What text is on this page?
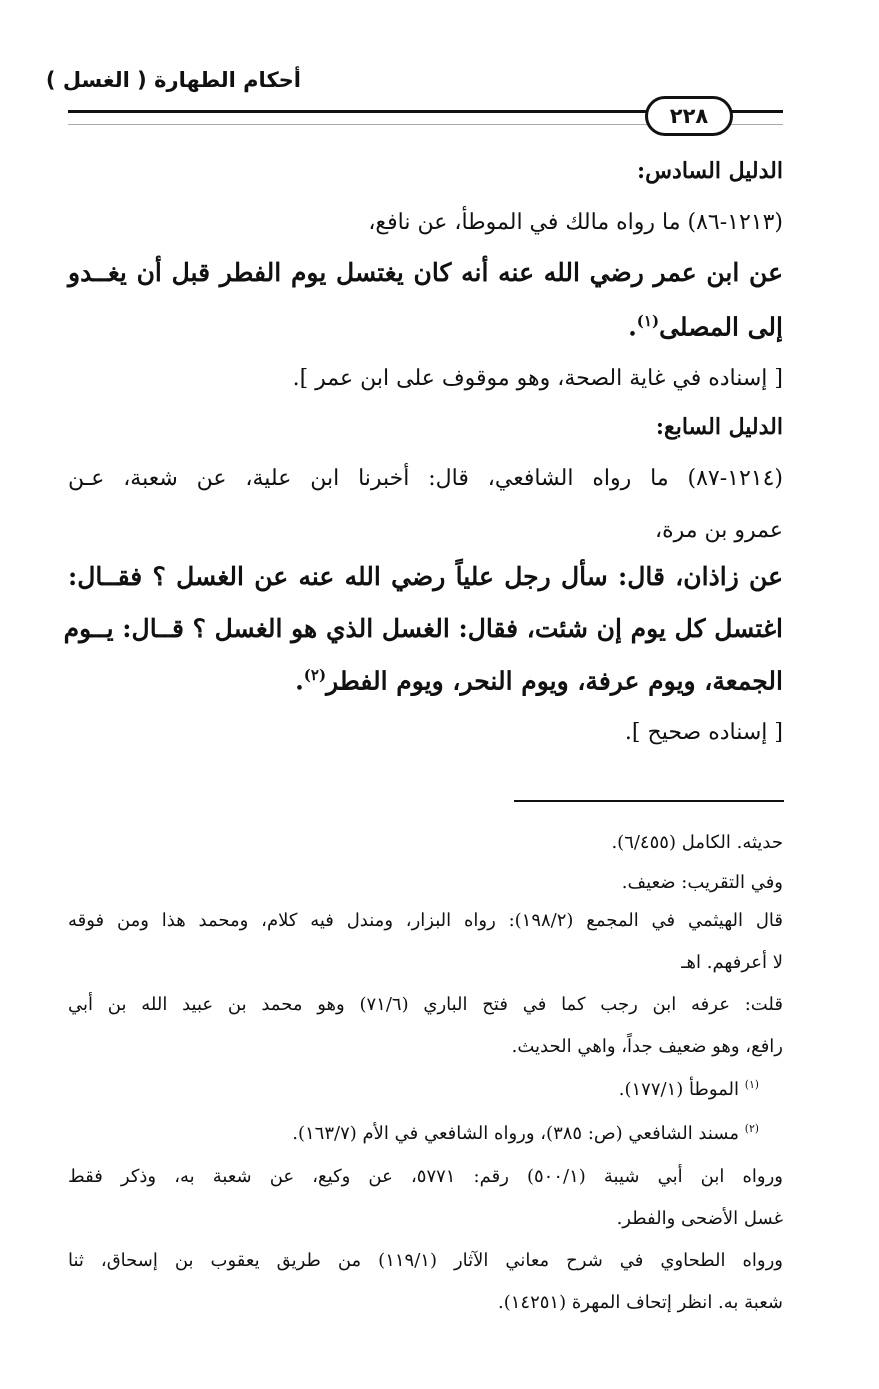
أحكام الطهارة ( الغسل )
٢٢٨
الدليل السادس:
(١٢١٣-٨٦) ما رواه مالك في الموطأ، عن نافع،
عن ابن عمر رضي الله عنه أنه كان يغتسل يوم الفطر قبل أن يغــدو
إلى المصلى$^{(١)}$.
[ إسناده في غاية الصحة، وهو موقوف على ابن عمر ].
الدليل السابع:
(١٢١٤-٨٧) ما رواه الشافعي، قال: أخبرنا ابن علية، عن شعبة، عـن
عمرو بن مرة،
عن زاذان، قال: سأل رجل علياً رضي الله عنه عن الغسل ؟ فقــال:
اغتسل كل يوم إن شئت، فقال: الغسل الذي هو الغسل ؟ قــال: يــوم
الجمعة، ويوم عرفة، ويوم النحر، ويوم الفطر$^{(٢)}$.
[ إسناده صحيح ].
حديثه. الكامل (٦/٤٥٥).
وفي التقريب: ضعيف.
قال الهيثمي في المجمع (١٩٨/٢): رواه البزار، ومندل فيه كلام، ومحمد هذا ومن فوقه
لا أعرفهم. اهـ
قلت: عرفه ابن رجب كما في فتح الباري (٧١/٦) وهو محمد بن عبيد الله بن أبي
رافع، وهو ضعيف جداً، واهي الحديث.
$^{(١)}$ الموطأ (١٧٧/١).
$^{(٢)}$ مسند الشافعي (ص: ٣٨٥)، ورواه الشافعي في الأم (١٦٣/٧).
ورواه ابن أبي شيبة (٥٠٠/١) رقم: ٥٧٧١، عن وكيع، عن شعبة به، وذكر فقط
غسل الأضحى والفطر.
ورواه الطحاوي في شرح معاني الآثار (١١٩/١) من طريق يعقوب بن إسحاق، ثنا
شعبة به. انظر إتحاف المهرة (١٤٢٥١).
